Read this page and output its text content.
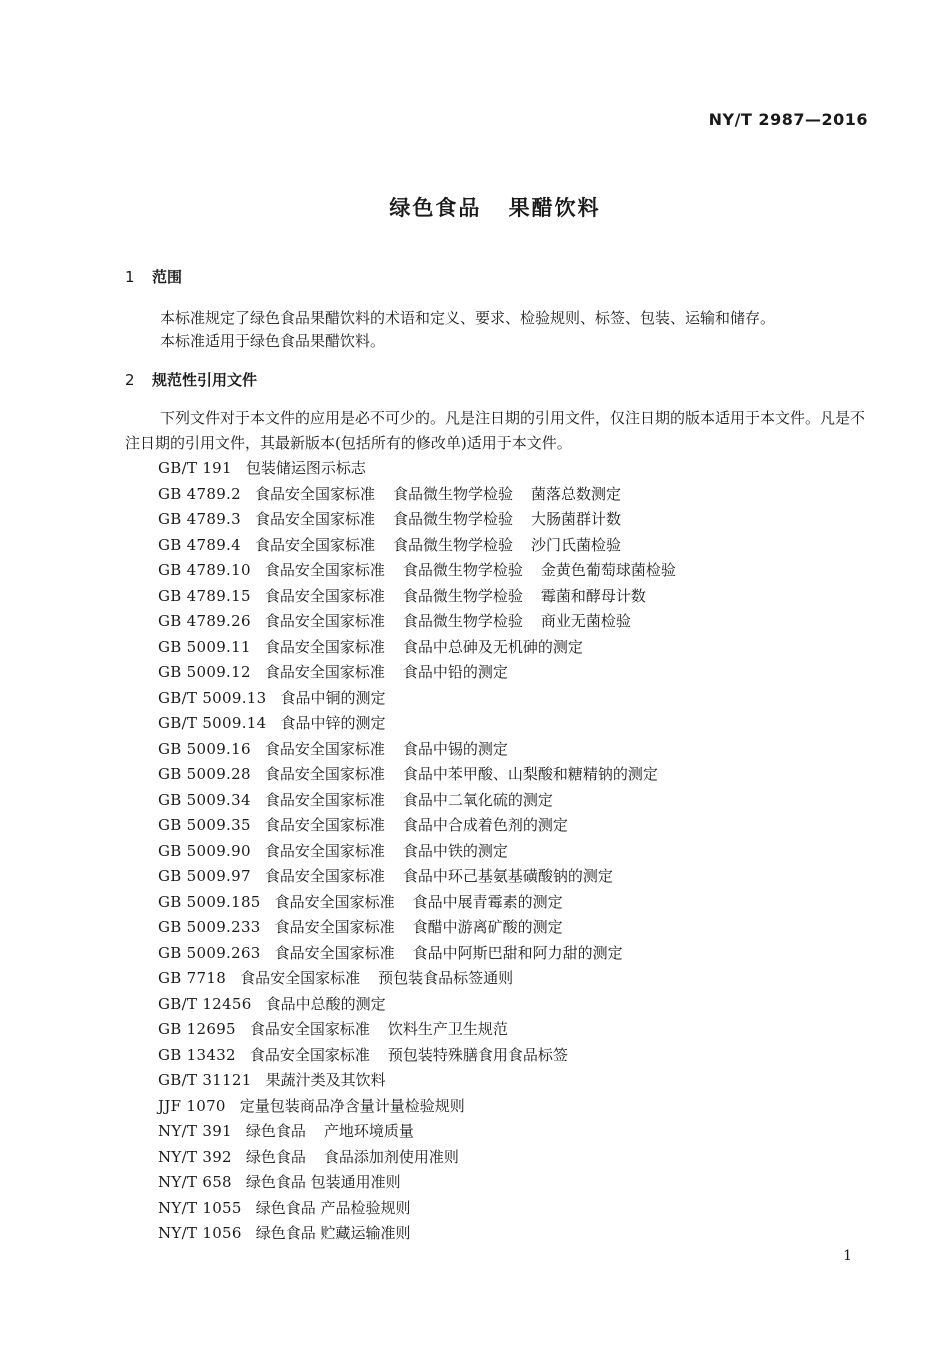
NY/T 2987—2016
绿色食品 果醋饮料
1 范围

本标准规定了绿色食品果醋饮料的术语和定义、要求、检验规则、标签、包装、运输和储存。

本标准适用于绿色食品果醋饮料。

2 规范性引用文件

下列文件对于本文件的应用是必不可少的。凡是注日期的引用文件，仅注日期的版本适用于本文件。凡是不注日期的引用文件，其最新版本(包括所有的修改单)适用于本文件。

GB/T 191 包装储运图示标志
GB 4789.2 食品安全国家标准 食品微生物学检验 菌落总数测定
GB 4789.3 食品安全国家标准 食品微生物学检验 大肠菌群计数
GB 4789.4 食品安全国家标准 食品微生物学检验 沙门氏菌检验
GB 4789.10 食品安全国家标准 食品微生物学检验 金黄色葡萄球菌检验
GB 4789.15 食品安全国家标准 食品微生物学检验 霉菌和酵母计数
GB 4789.26 食品安全国家标准 食品微生物学检验 商业无菌检验
GB 5009.11 食品安全国家标准 食品中总砷及无机砷的测定
GB 5009.12 食品安全国家标准 食品中铅的测定
GB/T 5009.13 食品中铜的测定
GB/T 5009.14 食品中锌的测定
GB 5009.16 食品安全国家标准 食品中锡的测定
GB 5009.28 食品安全国家标准 食品中苯甲酸、山梨酸和糖精钠的测定
GB 5009.34 食品安全国家标准 食品中二氧化硫的测定
GB 5009.35 食品安全国家标准 食品中合成着色剂的测定
GB 5009.90 食品安全国家标准 食品中铁的测定
GB 5009.97 食品安全国家标准 食品中环己基氨基磺酸钠的测定
GB 5009.185 食品安全国家标准 食品中展青霉素的测定
GB 5009.233 食品安全国家标准 食醋中游离矿酸的测定
GB 5009.263 食品安全国家标准 食品中阿斯巴甜和阿力甜的测定
GB 7718 食品安全国家标准 预包装食品标签通则
GB/T 12456 食品中总酸的测定
GB 12695 食品安全国家标准 饮料生产卫生规范
GB 13432 食品安全国家标准 预包装特殊膳食用食品标签
GB/T 31121 果蔬汁类及其饮料
JJF 1070 定量包装商品净含量计量检验规则
NY/T 391 绿色食品 产地环境质量
NY/T 392 绿色食品 食品添加剂使用准则
NY/T 658 绿色食品 包装通用准则
NY/T 1055 绿色食品 产品检验规则
NY/T 1056 绿色食品 贮藏运输准则
1
